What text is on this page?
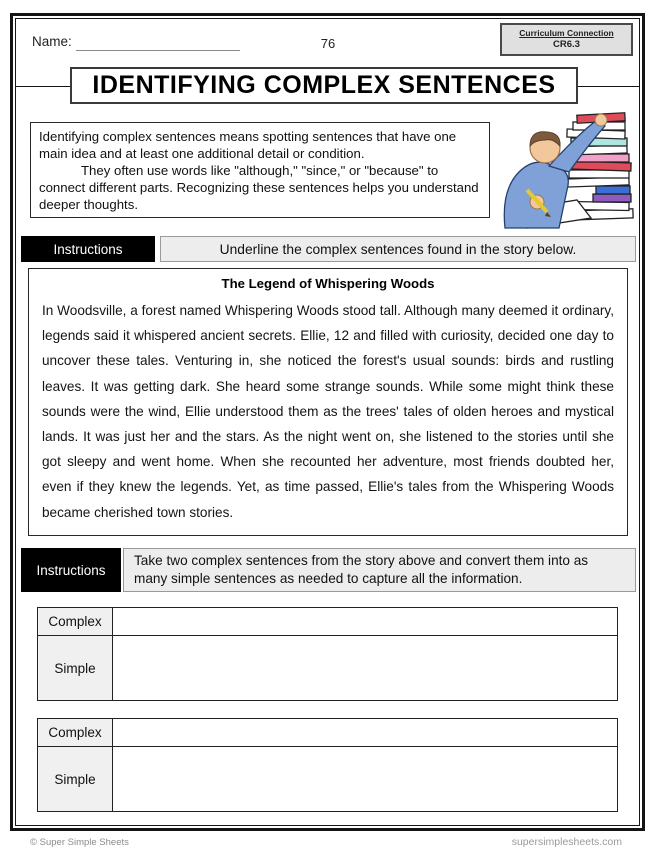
Name:	76
Curriculum Connection
CR6.3
IDENTIFYING COMPLEX SENTENCES

Identifying complex sentences means spotting sentences that have one main idea and at least one additional detail or condition.

They often use words like "although," "since," or "because" to connect different parts. Recognizing these sentences helps you understand deeper thoughts.

Instructions	Underline the complex sentences found in the story below.

The Legend of Whispering Woods

In Woodsville, a forest named Whispering Woods stood tall. Although many deemed it ordinary, legends said it whispered ancient secrets. Ellie, 12 and filled with curiosity, decided one day to uncover these tales. Venturing in, she noticed the forest's usual sounds: birds and rustling leaves. It was getting dark. She heard some strange sounds. While some might think these sounds were the wind, Ellie understood them as the trees' tales of olden heroes and mystical lands. It was just her and the stars. As the night went on, she listened to the stories until she got sleepy and went home. When she recounted her adventure, most friends doubted her, even if they knew the legends. Yet, as time passed, Ellie's tales from the Whispering Woods became cherished town stories.

Instructions
Take two complex sentences from the story above and convert them into as many simple sentences as needed to capture all the information.
Complex
Simple
Complex
Simple
© Super Simple Sheets	supersimplesheets.com
